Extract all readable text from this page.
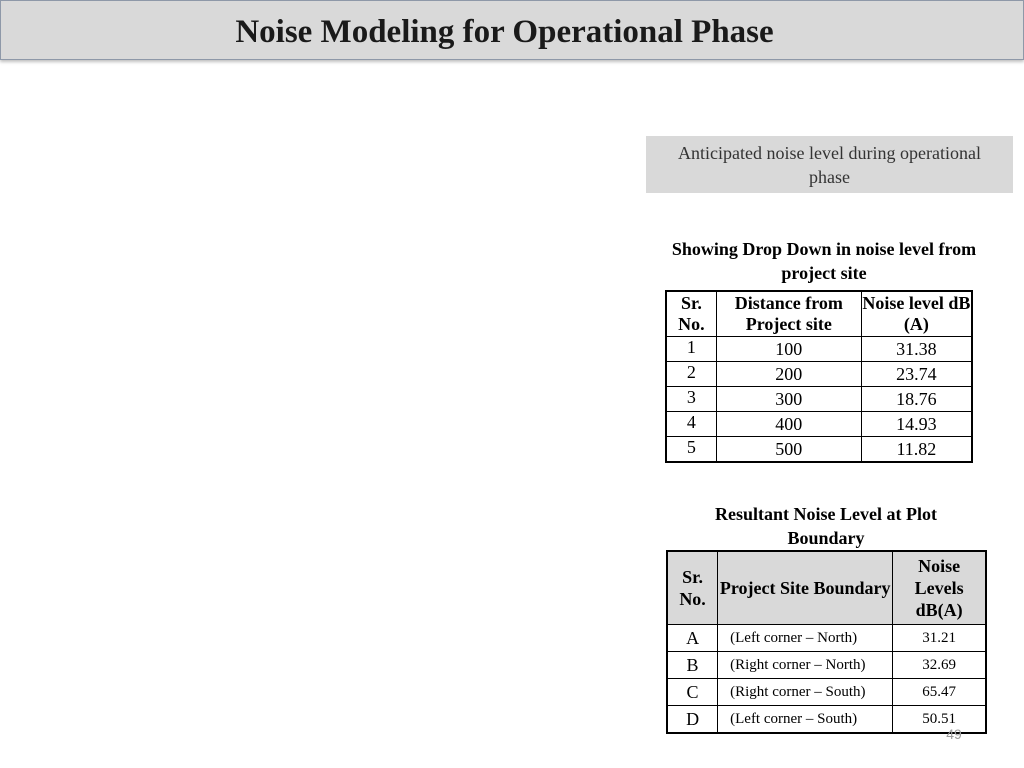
Noise Modeling for Operational Phase
Anticipated noise level during operational phase
Showing Drop Down in noise level from project site
Sr. No.	Distance from Project site	Noise level dB (A)
1	100	31.38
2	200	23.74
3	300	18.76
4	400	14.93
5	500	11.82
Resultant Noise Level at Plot Boundary
Sr. No.	Project Site Boundary	Noise Levels dB(A)
A	(Left corner – North)	31.21
B	(Right corner – North)	32.69
C	(Right corner – South)	65.47
D	(Left corner – South)	50.51
49
